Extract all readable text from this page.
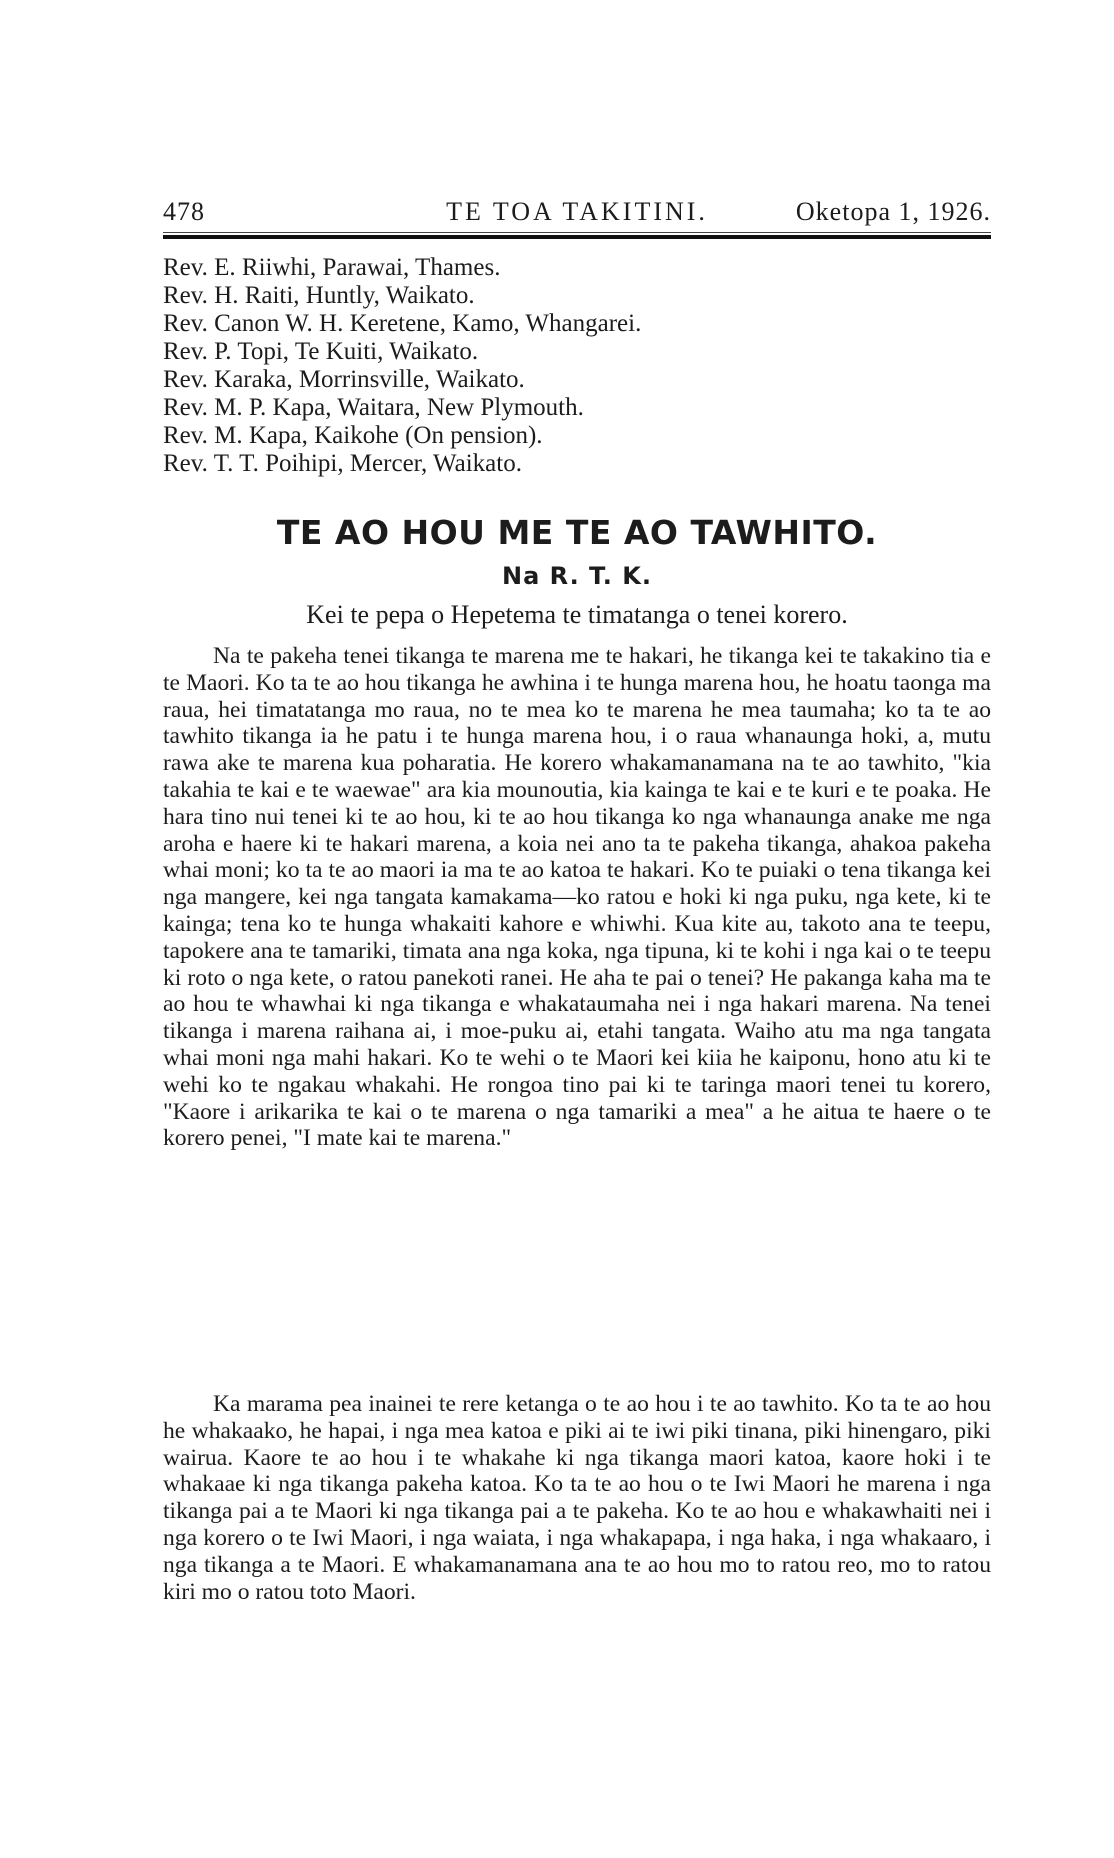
478	TE TOA TAKITINI.	Oketopa 1, 1926.
Rev. E. Riiwhi, Parawai, Thames.
Rev. H. Raiti, Huntly, Waikato.
Rev. Canon W. H. Keretene, Kamo, Whangarei.
Rev. P. Topi, Te Kuiti, Waikato.
Rev. Karaka, Morrinsville, Waikato.
Rev. M. P. Kapa, Waitara, New Plymouth.
Rev. M. Kapa, Kaikohe (On pension).
Rev. T. T. Poihipi, Mercer, Waikato.
TE AO HOU ME TE AO TAWHITO.
Na R. T. K.
Kei te pepa o Hepetema te timatanga o tenei korero.

Na te pakeha tenei tikanga te marena me te hakari, he tikanga kei te takakino tia e te Maori. Ko ta te ao hou tikanga he awhina i te hunga marena hou, he hoatu taonga ma raua, hei timatatanga mo raua, no te mea ko te marena he mea taumaha; ko ta te ao tawhito tikanga ia he patu i te hunga marena hou, i o raua whanaunga hoki, a, mutu rawa ake te marena kua poharatia. He korero whakamanamana na te ao tawhito, "kia takahia te kai e te waewae" ara kia mounoutia, kia kainga te kai e te kuri e te poaka. He hara tino nui tenei ki te ao hou, ki te ao hou tikanga ko nga whanaunga anake me nga aroha e haere ki te hakari marena, a koia nei ano ta te pakeha tikanga, ahakoa pakeha whai moni; ko ta te ao maori ia ma te ao katoa te hakari. Ko te puiaki o tena tikanga kei nga mangere, kei nga tangata kamakama—ko ratou e hoki ki nga puku, nga kete, ki te kainga; tena ko te hunga whakaiti kahore e whiwhi. Kua kite au, takoto ana te teepu, tapokere ana te tamariki, timata ana nga koka, nga tipuna, ki te kohi i nga kai o te teepu ki roto o nga kete, o ratou panekoti ranei. He aha te pai o tenei? He pakanga kaha ma te ao hou te whawhai ki nga tikanga e whakataumaha nei i nga hakari marena. Na tenei tikanga i marena raihana ai, i moe-puku ai, etahi tangata. Waiho atu ma nga tangata whai moni nga mahi hakari. Ko te wehi o te Maori kei kiia he kaiponu, hono atu ki te wehi ko te ngakau whakahi. He rongoa tino pai ki te taringa maori tenei tu korero, "Kaore i arikarika te kai o te marena o nga tamariki a mea" a he aitua te haere o te korero penei, "I mate kai te marena."

Ka marama pea inainei te rere ketanga o te ao hou i te ao tawhito. Ko ta te ao hou he whakaako, he hapai, i nga mea katoa e piki ai te iwi piki tinana, piki hinengaro, piki wairua. Kaore te ao hou i te whakahe ki nga tikanga maori katoa, kaore hoki i te whakaae ki nga tikanga pakeha katoa. Ko ta te ao hou o te Iwi Maori he marena i nga tikanga pai a te Maori ki nga tikanga pai a te pakeha. Ko te ao hou e whakawhaiti nei i nga korero o te Iwi Maori, i nga waiata, i nga whakapapa, i nga haka, i nga whakaaro, i nga tikanga a te Maori. E whakamanamana ana te ao hou mo to ratou reo, mo to ratou kiri mo o ratou toto Maori.
